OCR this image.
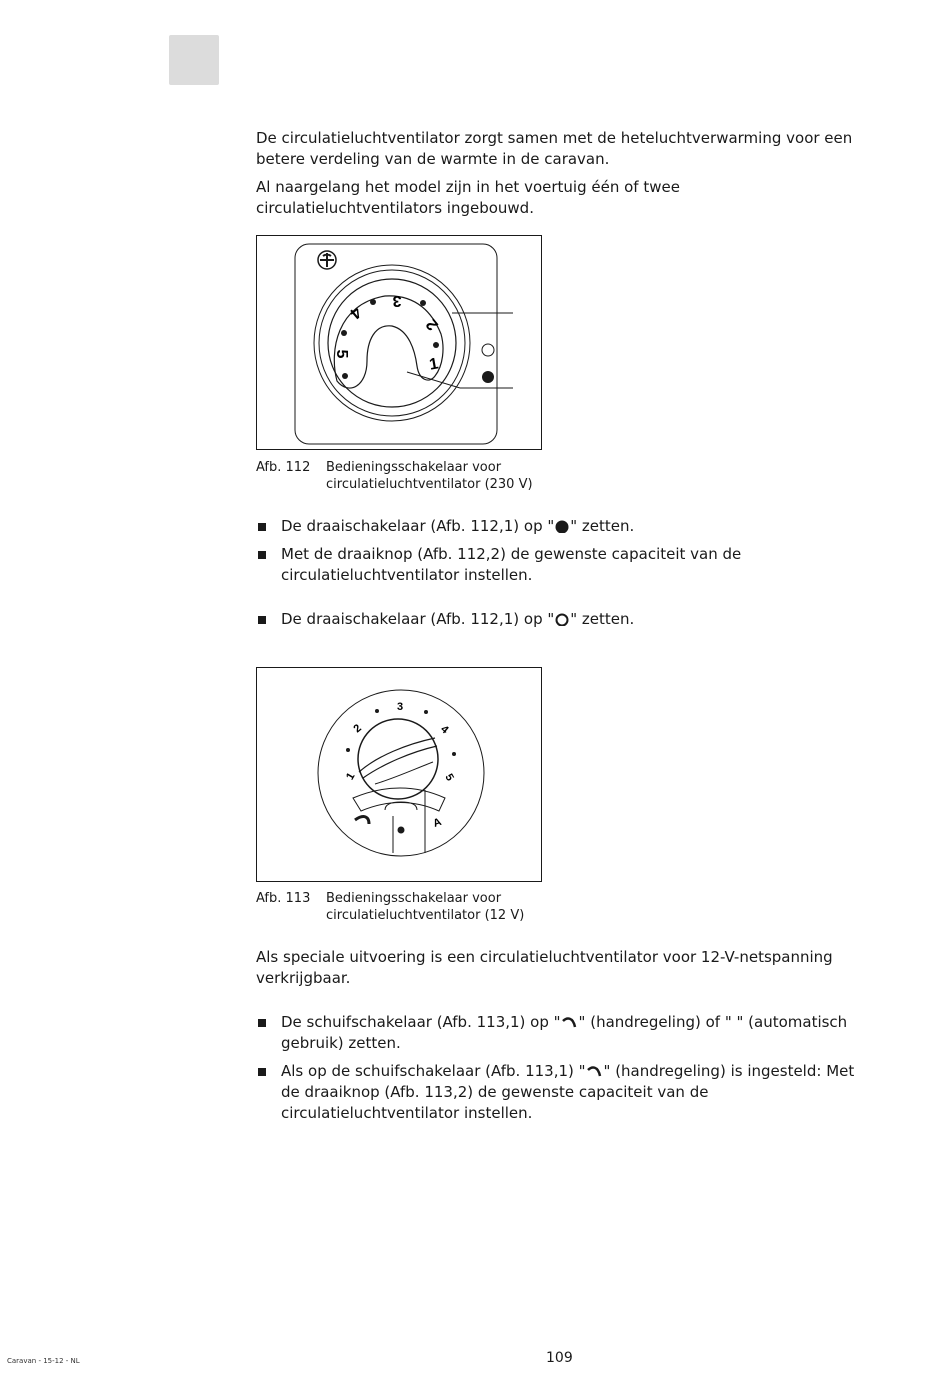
De circulatieluchtventilator zorgt samen met de heteluchtverwarming voor een betere verdeling van de warmte in de caravan.

Al naargelang het model zijn in het voertuig één of twee circulatieluchtventilators ingebouwd.

5
4
3
2
1
Afb. 112 Bedieningsschakelaar voor circulatieluchtventilator (230 V)
De draaischakelaar (Afb. 112,1) op " " zetten.
Met de draaiknop (Afb. 112,2) de gewenste capaciteit van de circulatieluchtventilator instellen.
De draaischakelaar (Afb. 112,1) op " " zetten.
1
2
3
4
5
A
Afb. 113 Bedieningsschakelaar voor circulatieluchtventilator (12 V)

Als speciale uitvoering is een circulatieluchtventilator voor 12-V-netspanning verkrijgbaar.

De schuifschakelaar (Afb. 113,1) op " " (handregeling) of " " (automatisch gebruik) zetten.
Als op de schuifschakelaar (Afb. 113,1) " " (handregeling) is ingesteld: Met de draaiknop (Afb. 113,2) de gewenste capaciteit van de circulatieluchtventilator instellen.
Caravan - 15-12 - NL	109
